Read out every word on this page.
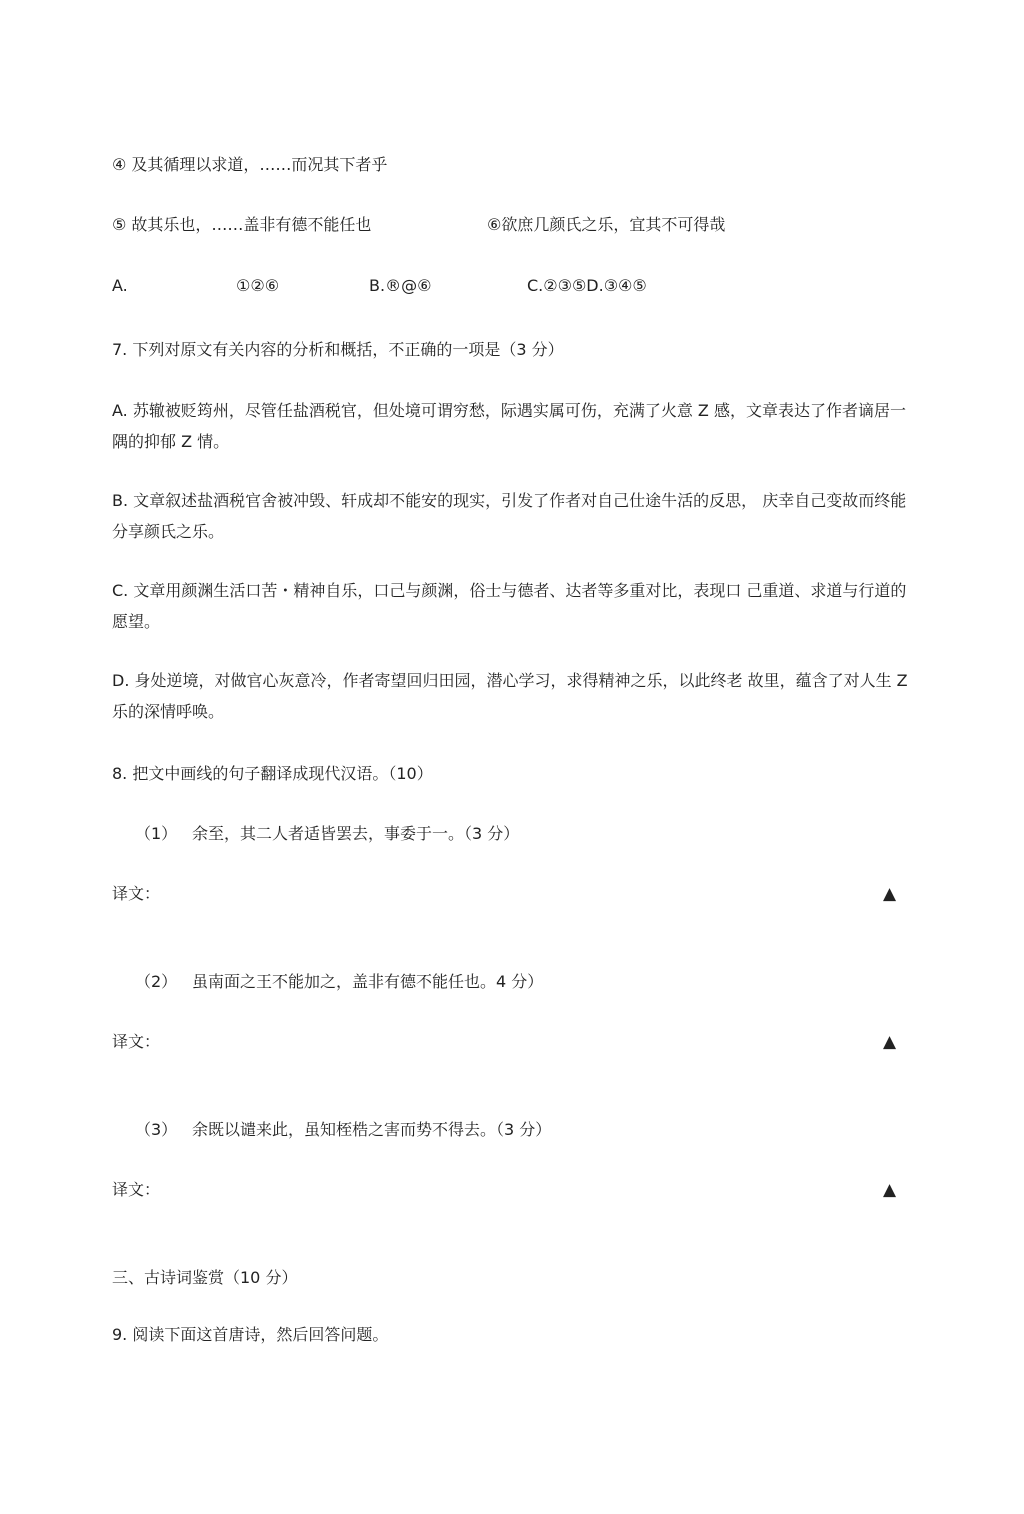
④ 及其循理以求道，……而况其下者乎
⑤ 故其乐也，……盖非有德不能任也	⑥欲庶几颜氏之乐，宜其不可得哉
A.	①②⑥	B.®@⑥	C.②③⑤D.③④⑤
7. 下列对原文有关内容的分析和概括，不正确的一项是（3 分）
A. 苏辙被贬筠州，尽管任盐酒税官，但处境可谓穷愁，际遇实属可伤，充满了火意 Z 感，文章表达了作者谪居一隅的抑郁 Z 情。
B. 文章叙述盐酒税官舍被冲毁、轩成却不能安的现实，引发了作者对自己仕途牛活的反思， 庆幸自己变故而终能分享颜氏之乐。
C. 文章用颜渊生活口苦・精神自乐，口己与颜渊，俗士与德者、达者等多重对比，表现口 己重道、求道与行道的愿望。
D. 身处逆境，对做官心灰意冷，作者寄望回归田园，潜心学习，求得精神之乐，以此终老 故里，蕴含了对人生 Z 乐的深情呼唤。
8. 把文中画线的句子翻译成现代汉语。（10）
（1） 余至，其二人者适皆罢去，事委于一。（3 分）
译文：	▲
（2） 虽南面之王不能加之，盖非有德不能任也。4 分）
译文：	▲
（3） 余既以谴来此，虽知桎梏之害而势不得去。（3 分）
译文：	▲
三、古诗词鉴赏（10 分）
9. 阅读下面这首唐诗，然后回答问题。
